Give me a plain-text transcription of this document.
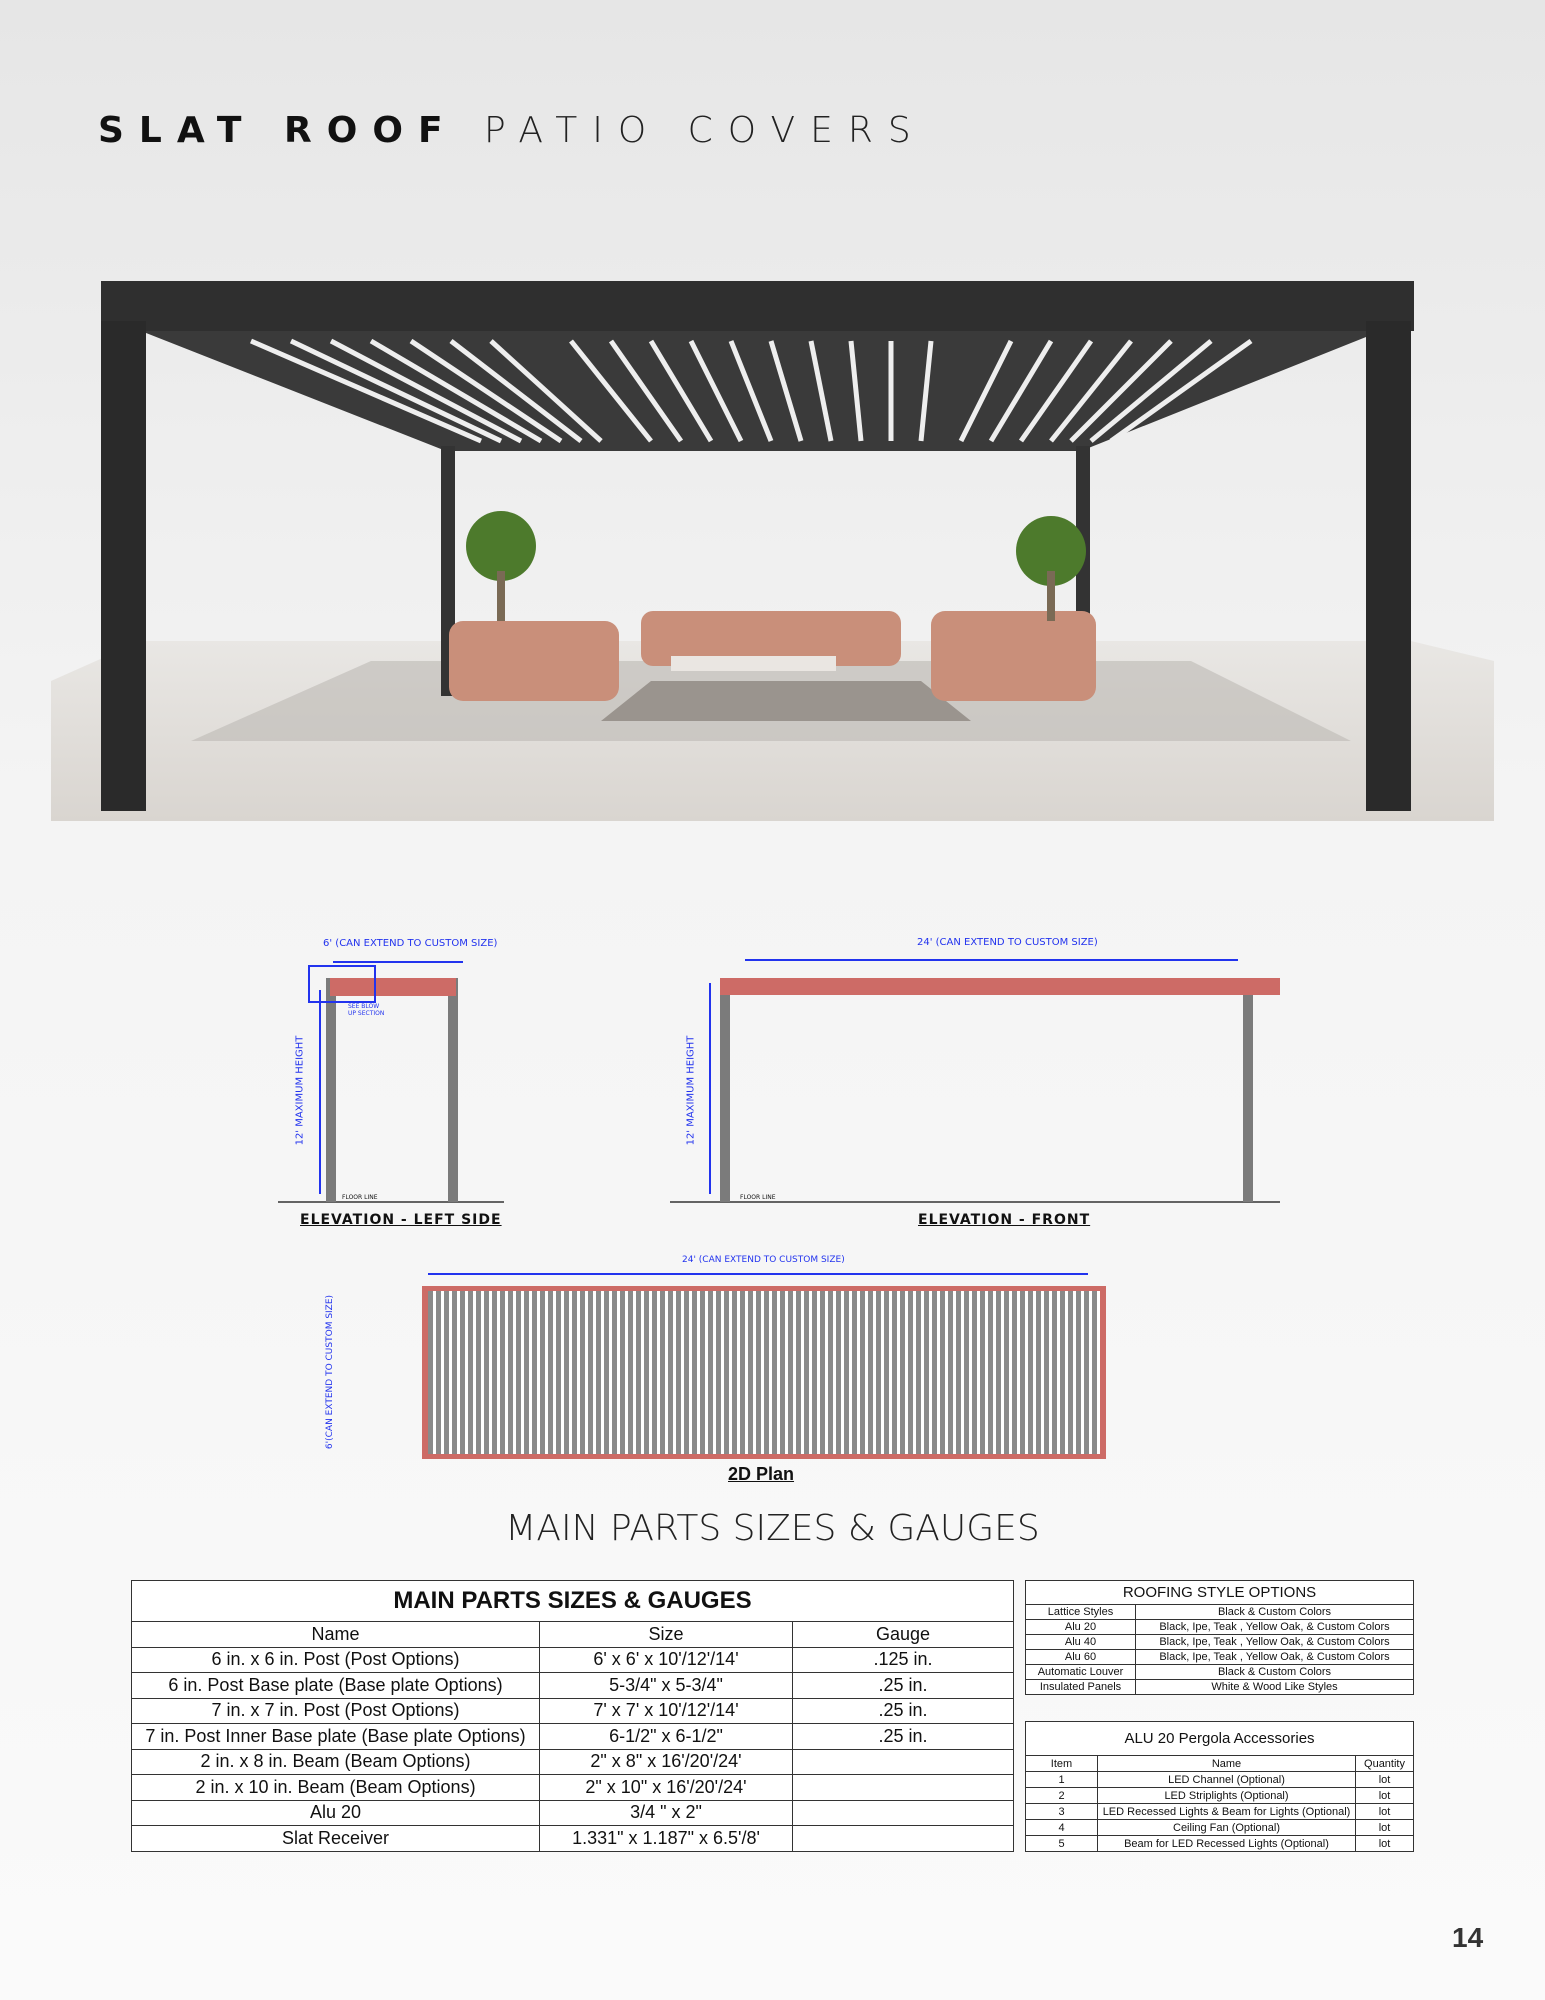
SLAT ROOF PATIO COVERS
6' (CAN EXTEND TO CUSTOM SIZE)
SEE BLOW UP SECTION
12' MAXIMUM HEIGHT
FLOOR LINE
ELEVATION - LEFT SIDE
24' (CAN EXTEND TO CUSTOM SIZE)
12' MAXIMUM HEIGHT
FLOOR LINE
ELEVATION - FRONT
24' (CAN EXTEND TO CUSTOM SIZE)
6'(CAN EXTEND TO CUSTOM SIZE)
2D Plan
MAIN PARTS SIZES & GAUGES
MAIN PARTS SIZES & GAUGES		
Name	Size	Gauge
6 in. x 6 in. Post (Post Options)	6' x 6' x 10'/12'/14'	.125 in.
6 in. Post Base plate (Base plate Options)	5-3/4" x 5-3/4"	.25 in.
7 in. x 7 in. Post (Post Options)	7' x 7' x 10'/12'/14'	.25 in.
7 in. Post Inner Base plate (Base plate Options)	6-1/2" x 6-1/2"	.25 in.
2 in. x 8 in. Beam (Beam Options)	2" x 8" x 16'/20'/24'	
2 in. x 10 in. Beam (Beam Options)	2" x 10" x 16'/20'/24'	
Alu 20	3/4 " x 2"	
Slat Receiver	1.331" x 1.187" x 6.5'/8'	
ROOFING STYLE OPTIONS	
Lattice Styles	Black & Custom Colors
Alu 20	Black, Ipe, Teak , Yellow Oak, & Custom Colors
Alu 40	Black, Ipe, Teak , Yellow Oak, & Custom Colors
Alu 60	Black, Ipe, Teak , Yellow Oak, & Custom Colors
Automatic Louver	Black & Custom Colors
Insulated Panels	White & Wood Like Styles
ALU 20 Pergola Accessories		
Item	Name	Quantity
1	LED Channel (Optional)	lot
2	LED Striplights (Optional)	lot
3	LED Recessed Lights & Beam for Lights (Optional)	lot
4	Ceiling Fan (Optional)	lot
5	Beam for LED Recessed Lights (Optional)	lot
14
